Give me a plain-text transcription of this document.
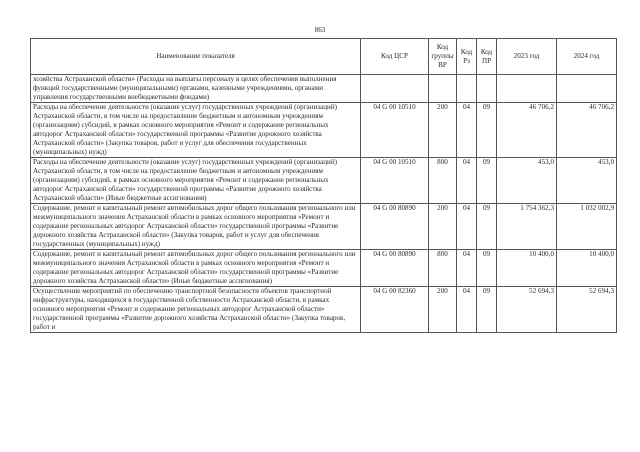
863
Наименование показателя	Код ЦСР	Код группы ВР	Код Рз	Код ПР	2023 год	2024 год
хозяйства Астраханской области» (Расходы на выплаты персоналу в целях обеспечения выполнения функций государственными (муниципальными) органами, казенными учреждениями, органами управления государственными внебюджетными фондами)						
Расходы на обеспечение деятельности (оказание услуг) государственных учреждений (организаций) Астраханской области, в том числе на предоставление бюджетным и автономным учреждениям (организациям) субсидий, в рамках основного мероприятия «Ремонт и содержание региональных автодорог Астраханской области» государственной программы «Развитие дорожного хозяйства Астраханской области» (Закупка товаров, работ и услуг для обеспечения государственных (муниципальных) нужд)	04 G 00 10510	200	04	09	46 706,2	46 706,2
Расходы на обеспечение деятельности (оказание услуг) государственных учреждений (организаций) Астраханской области, в том числе на предоставление бюджетным и автономным учреждениям (организациям) субсидий, в рамках основного мероприятия «Ремонт и содержание региональных автодорог Астраханской области» государственной программы «Развитие дорожного хозяйства Астраханской области» (Иные бюджетные ассигнования)	04 G 00 10510	800	04	09	453,0	453,0
Содержание, ремонт и капитальный ремонт автомобильных дорог общего пользования регионального или межмуниципального значения Астраханской области в рамках основного мероприятия «Ремонт и содержание региональных автодорог Астраханской области» государственной программы «Развитие дорожного хозяйства Астраханской области» (Закупка товаров, работ и услуг для обеспечения государственных (муниципальных) нужд)	04 G 00 80890	200	04	09	1 754 362,3	1 032 002,9
Содержание, ремонт и капитальный ремонт автомобильных дорог общего пользования регионального или межмуниципального значения Астраханской области в рамках основного мероприятия «Ремонт и содержание региональных автодорог Астраханской области» государственной программы «Развитие дорожного хозяйства Астраханской области» (Иные бюджетные ассигнования)	04 G 00 80890	800	04	09	10 400,0	10 400,0
Осуществление мероприятий по обеспечению транспортной безопасности объектов транспортной инфраструктуры, находящихся в государственной собственности Астраханской области, в рамках основного мероприятия «Ремонт и содержание региональных автодорог Астраханской области» государственной программы «Развитие дорожного хозяйства Астраханской области» (Закупка товаров, работ и	04 G 00 82360	200	04	09	52 694,3	52 694,3
